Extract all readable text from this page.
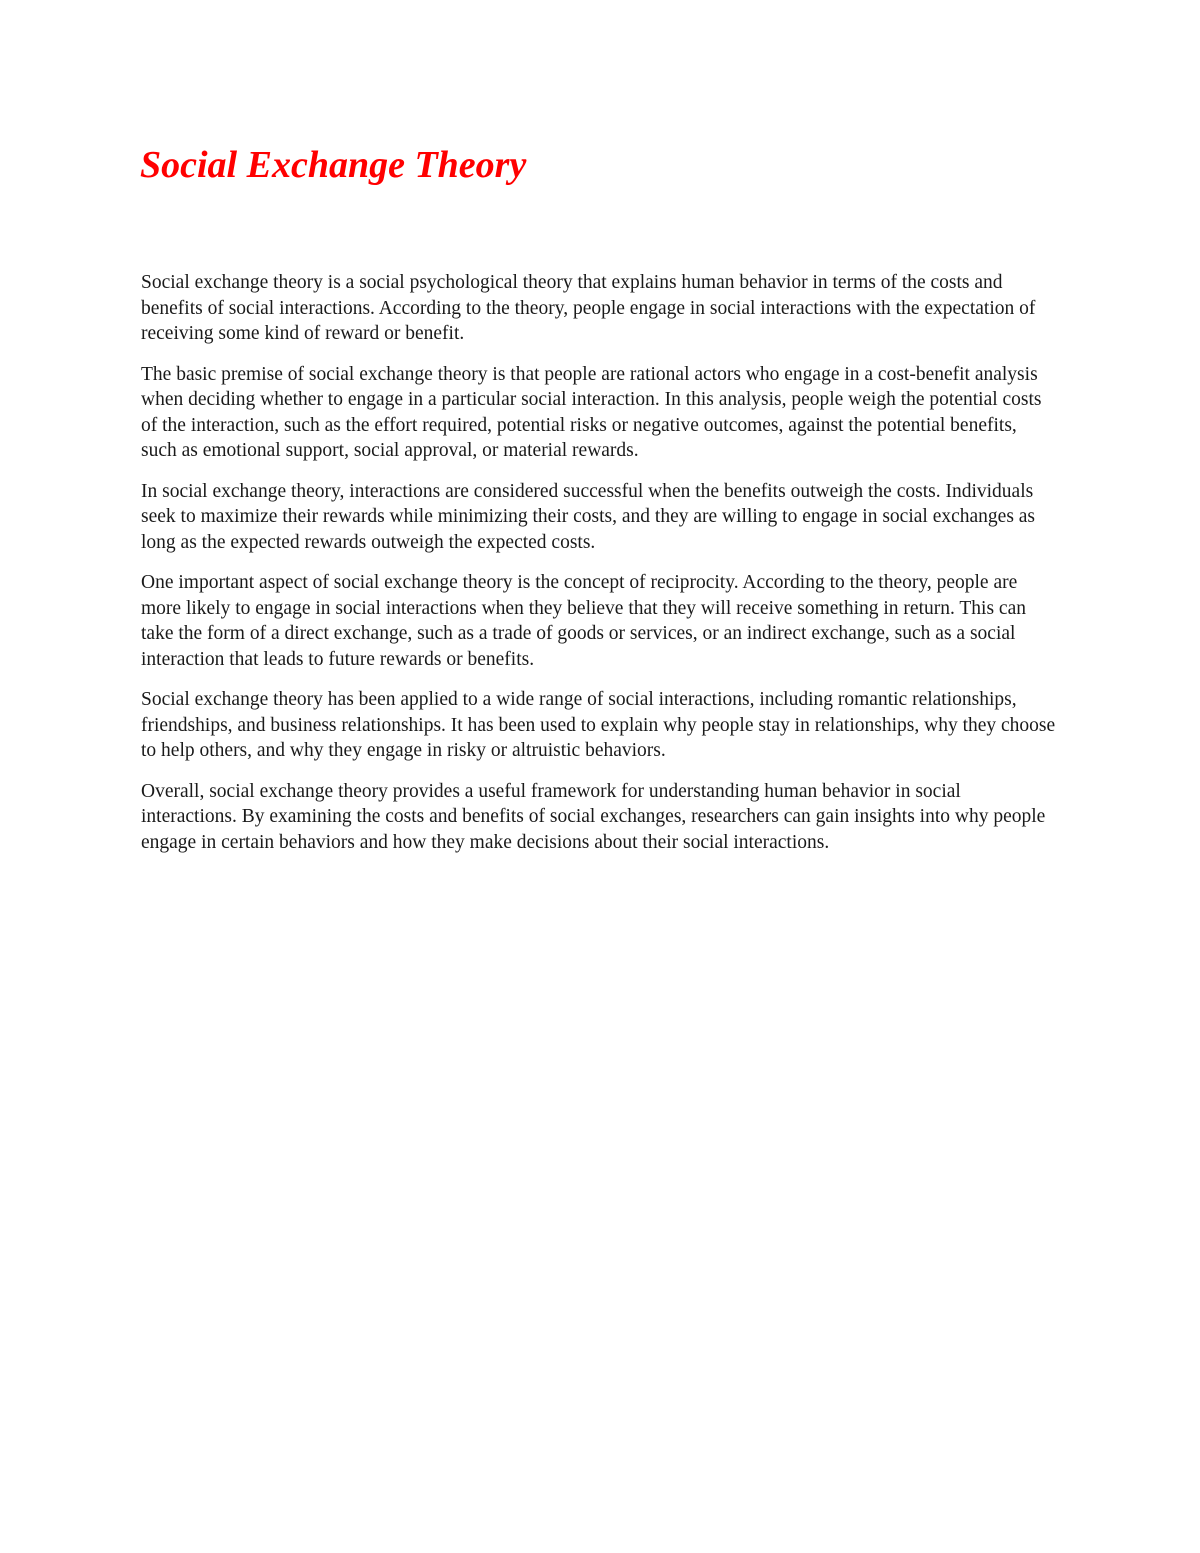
Social Exchange Theory

Social exchange theory is a social psychological theory that explains human behavior in terms of the costs and benefits of social interactions. According to the theory, people engage in social interactions with the expectation of receiving some kind of reward or benefit.

The basic premise of social exchange theory is that people are rational actors who engage in a cost-benefit analysis when deciding whether to engage in a particular social interaction. In this analysis, people weigh the potential costs of the interaction, such as the effort required, potential risks or negative outcomes, against the potential benefits, such as emotional support, social approval, or material rewards.

In social exchange theory, interactions are considered successful when the benefits outweigh the costs. Individuals seek to maximize their rewards while minimizing their costs, and they are willing to engage in social exchanges as long as the expected rewards outweigh the expected costs.

One important aspect of social exchange theory is the concept of reciprocity. According to the theory, people are more likely to engage in social interactions when they believe that they will receive something in return. This can take the form of a direct exchange, such as a trade of goods or services, or an indirect exchange, such as a social interaction that leads to future rewards or benefits.

Social exchange theory has been applied to a wide range of social interactions, including romantic relationships, friendships, and business relationships. It has been used to explain why people stay in relationships, why they choose to help others, and why they engage in risky or altruistic behaviors.

Overall, social exchange theory provides a useful framework for understanding human behavior in social interactions. By examining the costs and benefits of social exchanges, researchers can gain insights into why people engage in certain behaviors and how they make decisions about their social interactions.
